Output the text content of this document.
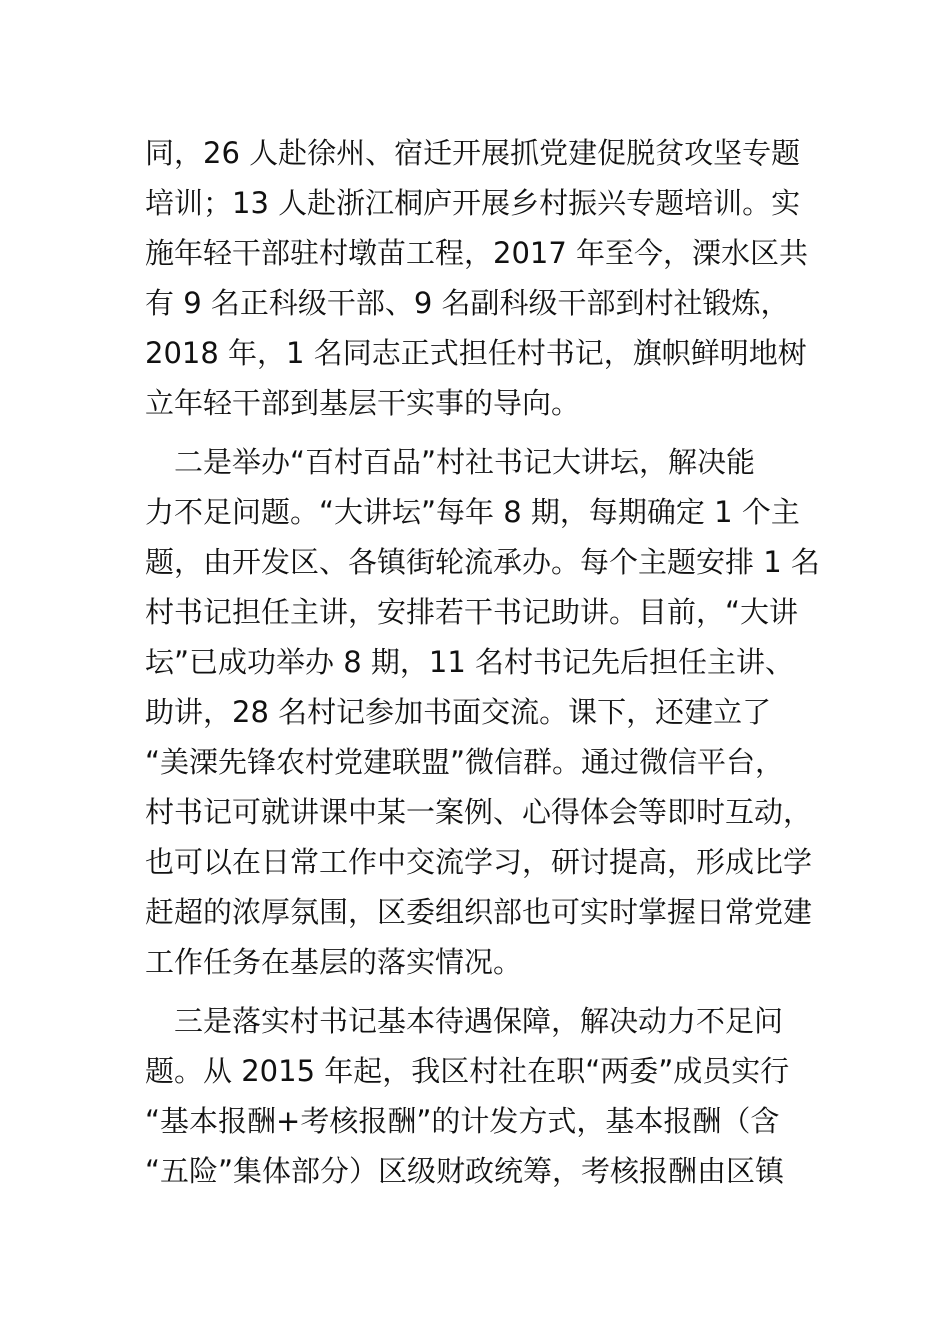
同，26 人赴徐州、宿迁开展抓党建促脱贫攻坚专题
培训；13 人赴浙江桐庐开展乡村振兴专题培训。实
施年轻干部驻村墩苗工程，2017 年至今，溧水区共
有 9 名正科级干部、9 名副科级干部到村社锻炼，
2018 年，1 名同志正式担任村书记，旗帜鲜明地树
立年轻干部到基层干实事的导向。
　二是举办“百村百品”村社书记大讲坛，解决能
力不足问题。“大讲坛”每年 8 期，每期确定 1 个主
题，由开发区、各镇街轮流承办。每个主题安排 1 名
村书记担任主讲，安排若干书记助讲。目前，“大讲
坛”已成功举办 8 期，11 名村书记先后担任主讲、
助讲，28 名村记参加书面交流。课下，还建立了
“美溧先锋农村党建联盟”微信群。通过微信平台，
村书记可就讲课中某一案例、心得体会等即时互动，
也可以在日常工作中交流学习，研讨提高，形成比学
赶超的浓厚氛围，区委组织部也可实时掌握日常党建
工作任务在基层的落实情况。
　三是落实村书记基本待遇保障，解决动力不足问
题。从 2015 年起，我区村社在职“两委”成员实行
“基本报酬+考核报酬”的计发方式，基本报酬（含
“五险”集体部分）区级财政统筹，考核报酬由区镇
